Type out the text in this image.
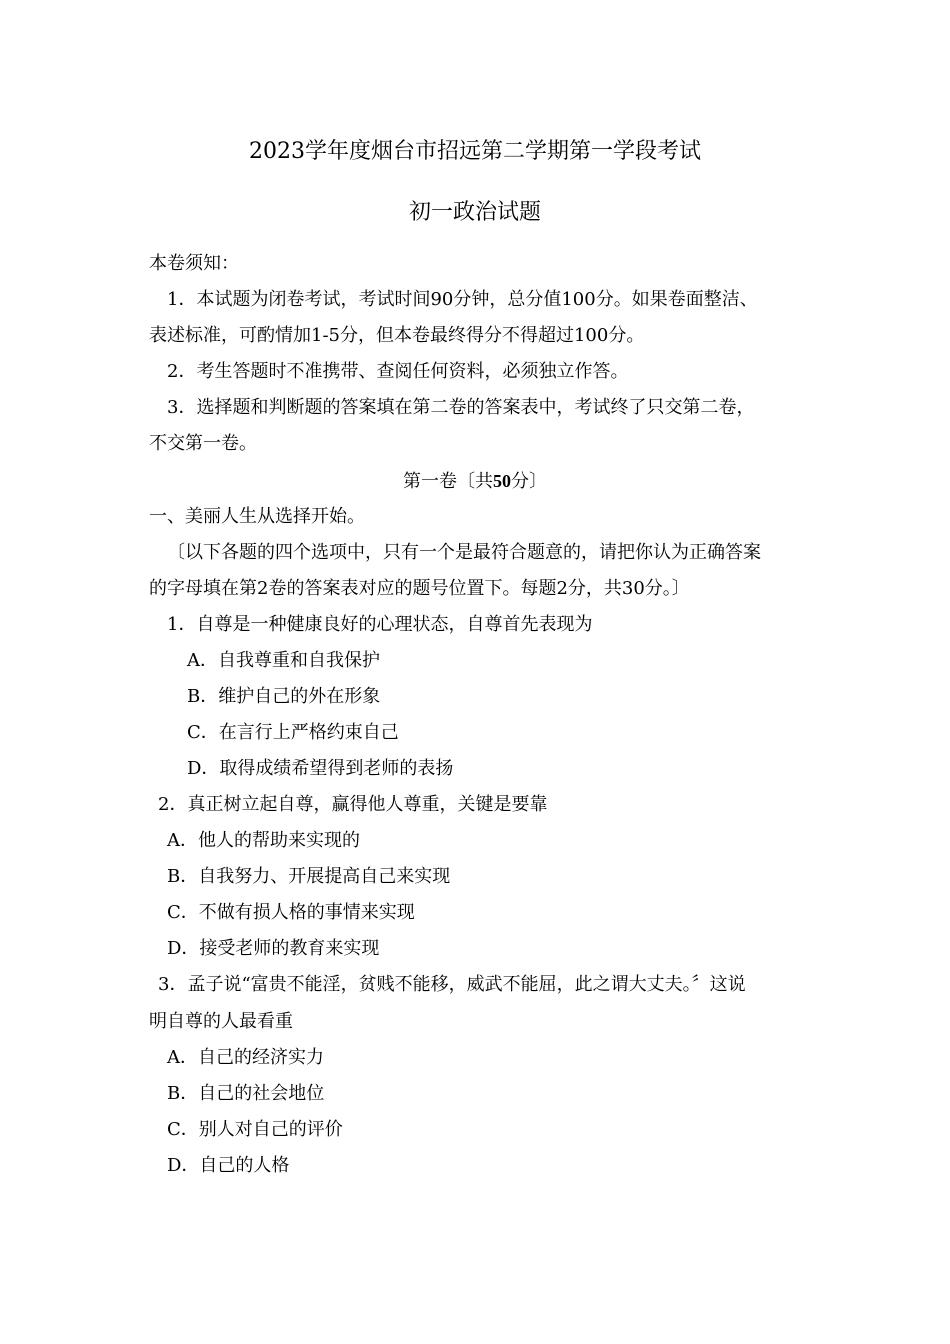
2023学年度烟台市招远第二学期第一学段考试
初一政治试题
本卷须知：
1．本试题为闭卷考试，考试时间90分钟，总分值100分。如果卷面整洁、
表述标准，可酌情加1-5分，但本卷最终得分不得超过100分。
2．考生答题时不准携带、查阅任何资料，必须独立作答。
3．选择题和判断题的答案填在第二卷的答案表中，考试终了只交第二卷，
不交第一卷。
第一卷〔共50分〕
一、美丽人生从选择开始。
〔以下各题的四个选项中，只有一个是最符合题意的，请把你认为正确答案
的字母填在第2卷的答案表对应的题号位置下。每题2分，共30分。〕
1．自尊是一种健康良好的心理状态，自尊首先表现为
A．自我尊重和自我保护
B．维护自己的外在形象
C．在言行上严格约束自己
D．取得成绩希望得到老师的表扬
2．真正树立起自尊，赢得他人尊重，关键是要靠
A．他人的帮助来实现的
B．自我努力、开展提高自己来实现
C．不做有损人格的事情来实现
D．接受老师的教育来实现
3．孟子说“富贵不能淫，贫贱不能移，威武不能屈，此之谓大丈夫。〞这说
明自尊的人最看重
A．自己的经济实力
B．自己的社会地位
C．别人对自己的评价
D．自己的人格
